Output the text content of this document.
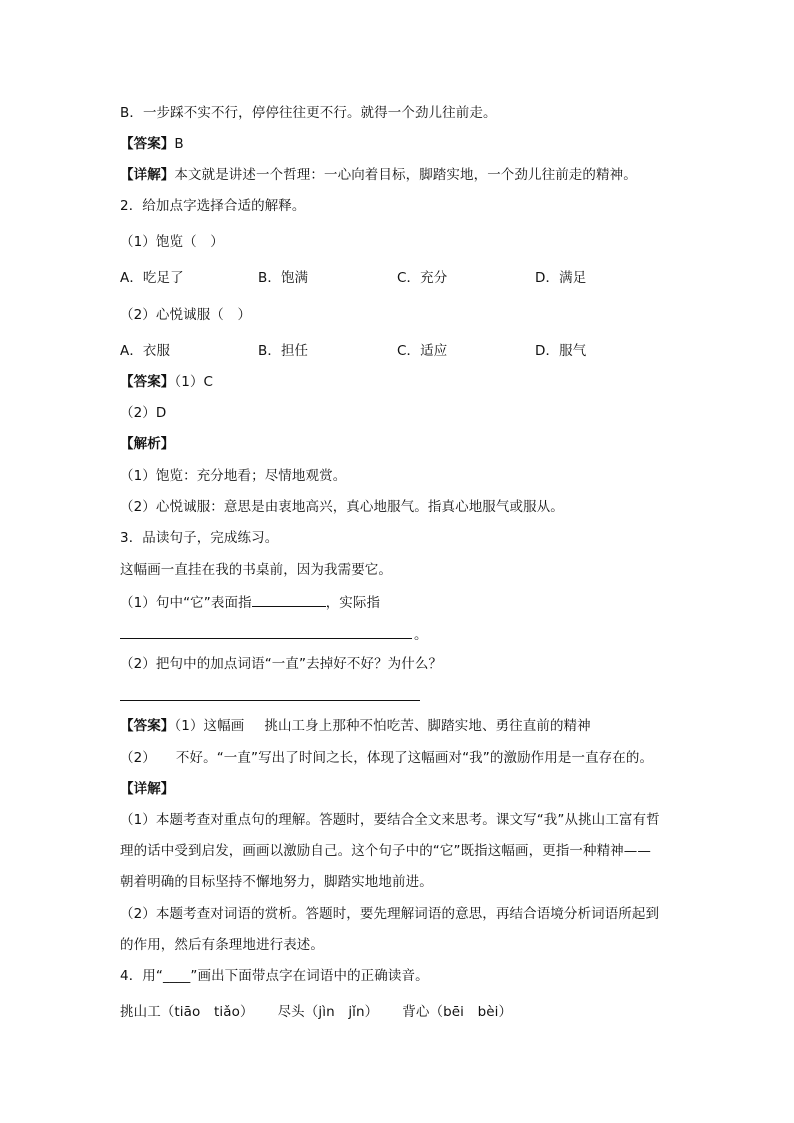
B．一步踩不实不行，停停往往更不行。就得一个劲儿往前走。
【答案】B
【详解】本文就是讲述一个哲理：一心向着目标，脚踏实地，一个劲儿往前走的精神。
2．给加点字选择合适的解释。
（1）饱览（　）
A．吃足了	B．饱满	C．充分	D．满足
（2）心悦诚服（　）
A．衣服	B．担任	C．适应	D．服气
【答案】（1）C
（2）D
【解析】
（1）饱览：充分地看；尽情地观赏。
（2）心悦诚服：意思是由衷地高兴，真心地服气。指真心地服气或服从。
3．品读句子，完成练习。
这幅画一直挂在我的书桌前，因为我需要它。
（1）句中“它”表面指	，实际指
。
（2）把句中的加点词语“一直”去掉好不好？为什么？
【答案】（1）这幅画 挑山工身上那种不怕吃苦、脚踏实地、勇往直前的精神
（2） 不好。“一直”写出了时间之长，体现了这幅画对“我”的激励作用是一直存在的。
【详解】
（1）本题考查对重点句的理解。答题时，要结合全文来思考。课文写“我”从挑山工富有哲
理的话中受到启发，画画以激励自己。这个句子中的“它”既指这幅画，更指一种精神——
朝着明确的目标坚持不懈地努力，脚踏实地地前进。
（2）本题考查对词语的赏析。答题时，要先理解词语的意思，再结合语境分析词语所起到
的作用，然后有条理地进行表述。
4．用“____”画出下面带点字在词语中的正确读音。
挑山工（tiāo　tiǎo） 尽头（jìn　jǐn） 背心（bēi　bèi）
